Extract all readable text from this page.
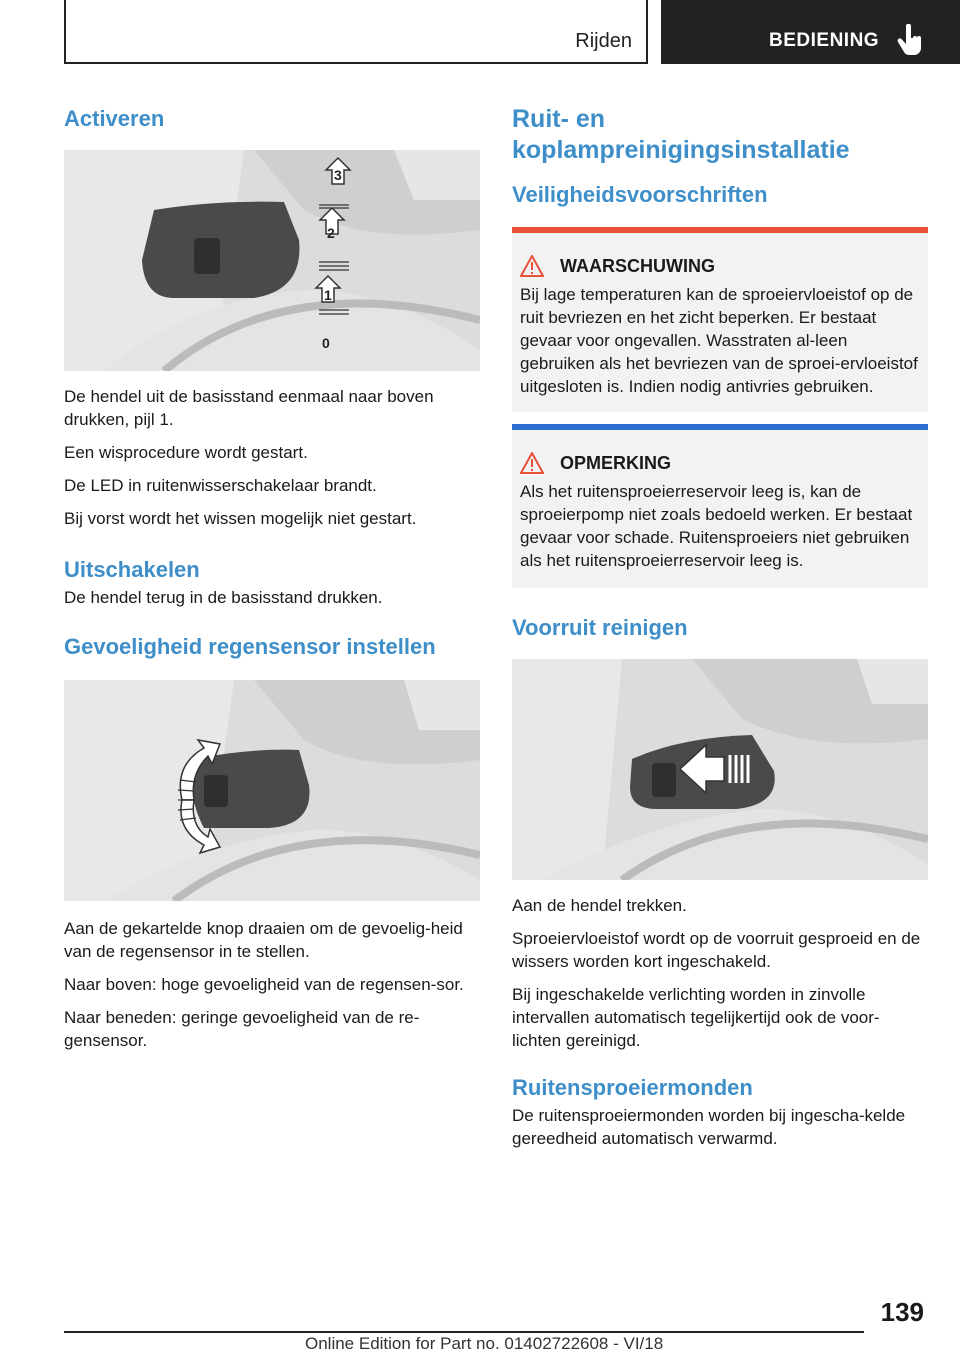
Rijden	BEDIENING
Activeren
3
2
1
0

De hendel uit de basisstand eenmaal naar boven drukken, pijl 1.

Een wisprocedure wordt gestart.

De LED in ruitenwisserschakelaar brandt.

Bij vorst wordt het wissen mogelijk niet gestart.

Uitschakelen

De hendel terug in de basisstand drukken.

Gevoeligheid regensensor instellen

Aan de gekartelde knop draaien om de gevoelig-heid van de regensensor in te stellen.

Naar boven: hoge gevoeligheid van de regensen-sor.

Naar beneden: geringe gevoeligheid van de re-gensensor.

Ruit- en koplampreinigingsinstallatie
Veiligheidsvoorschriften
WAARSCHUWING

Bij lage temperaturen kan de sproeiervloeistof op de ruit bevriezen en het zicht beperken. Er bestaat gevaar voor ongevallen. Wasstraten al-leen gebruiken als het bevriezen van de sproei-ervloeistof uitgesloten is. Indien nodig antivries gebruiken.

OPMERKING

Als het ruitensproeierreservoir leeg is, kan de sproeierpomp niet zoals bedoeld werken. Er bestaat gevaar voor schade. Ruitensproeiers niet gebruiken als het ruitensproeierreservoir leeg is.

Voorruit reinigen

Aan de hendel trekken.

Sproeiervloeistof wordt op de voorruit gesproeid en de wissers worden kort ingeschakeld.

Bij ingeschakelde verlichting worden in zinvolle intervallen automatisch tegelijkertijd ook de voor-lichten gereinigd.

Ruitensproeiermonden

De ruitensproeiermonden worden bij ingescha-kelde gereedheid automatisch verwarmd.

139
Online Edition for Part no. 01402722608 - VI/18
